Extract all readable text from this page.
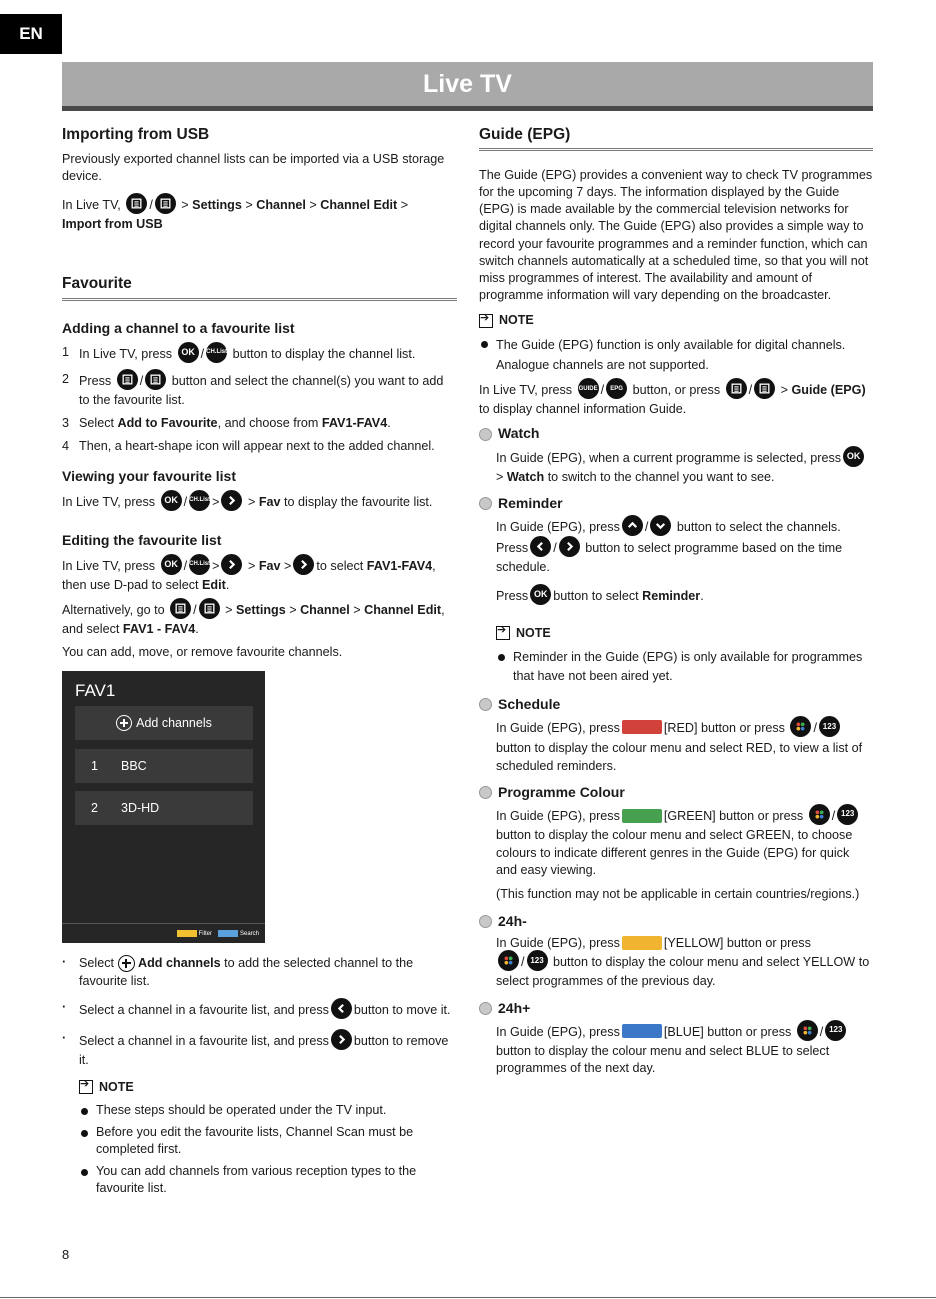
EN
Live TV
Importing from USB

Previously exported channel lists can be imported via a USB storage device.

In Live TV, /
> Settings > Channel > Channel Edit >
Import from USB

Favourite
Adding a channel to a favourite list
1 In Live TV, press OK / CH.List button to display the channel list.
2 Press / button and select the channel(s) you want to add to the favourite list.
3 Select Add to Favourite, and choose from FAV1-FAV4.
4 Then, a heart-shape icon will appear next to the added channel.
Viewing your favourite list

In Live TV, press OK / CH.List >
> Fav to display the favourite list.

Editing the favourite list

In Live TV, press OK / CH.List >
> Fav > to select FAV1-FAV4, then use D-pad to select Edit.

Alternatively, go to /
> Settings > Channel > Channel Edit, and select FAV1 - FAV4.

You can add, move, or remove favourite channels.

FAV1
Add channels
1	BBC
2	3D-HD
Filter	Search
· Select Add channels to add the selected channel to the favourite list.
· Select a channel in a favourite list, and press button to move it.
· Select a channel in a favourite list, and press button to remove it.
➔
NOTE
These steps should be operated under the TV input.
Before you edit the favourite lists, Channel Scan must be completed first.
You can add channels from various reception types to the favourite list.
Guide (EPG)

The Guide (EPG) provides a convenient way to check TV programmes for the upcoming 7 days. The information displayed by the Guide (EPG) is made available by the commercial television networks for digital channels only. The Guide (EPG) also provides a simple way to record your favourite programmes and a reminder function, which can switch channels automatically at a scheduled time, so that you will not miss programmes of interest. The availability and amount of programme information will vary depending on the broadcaster.

➔
NOTE
The Guide (EPG) function is only available for digital channels. Analogue channels are not supported.

In Live TV, press GUIDE / EPG button, or press /
> Guide (EPG) to display channel information Guide.

Watch

In Guide (EPG), when a current programme is selected, press OK
> Watch to switch to the channel you want to see.

Reminder

In Guide (EPG), press / button to select the channels.
Press / button to select programme based on the time schedule.

Press OK button to select Reminder.

➔
NOTE
Reminder in the Guide (EPG) is only available for programmes that have not been aired yet.
Schedule

In Guide (EPG), press	[RED] button or press / 123
button to display the colour menu and select RED, to view a list of scheduled reminders.

Programme Colour

In Guide (EPG), press	[GREEN] button or press / 123
button to display the colour menu and select GREEN, to choose colours to indicate different genres in the Guide (EPG) for quick and easy viewing.

(This function may not be applicable in certain countries/regions.)

24h-

In Guide (EPG), press	[YELLOW] button or press

/ 123 button to display the colour menu and select YELLOW to select programmes of the previous day.

24h+

In Guide (EPG), press	[BLUE] button or press / 123
button to display the colour menu and select BLUE to select programmes of the next day.

8
